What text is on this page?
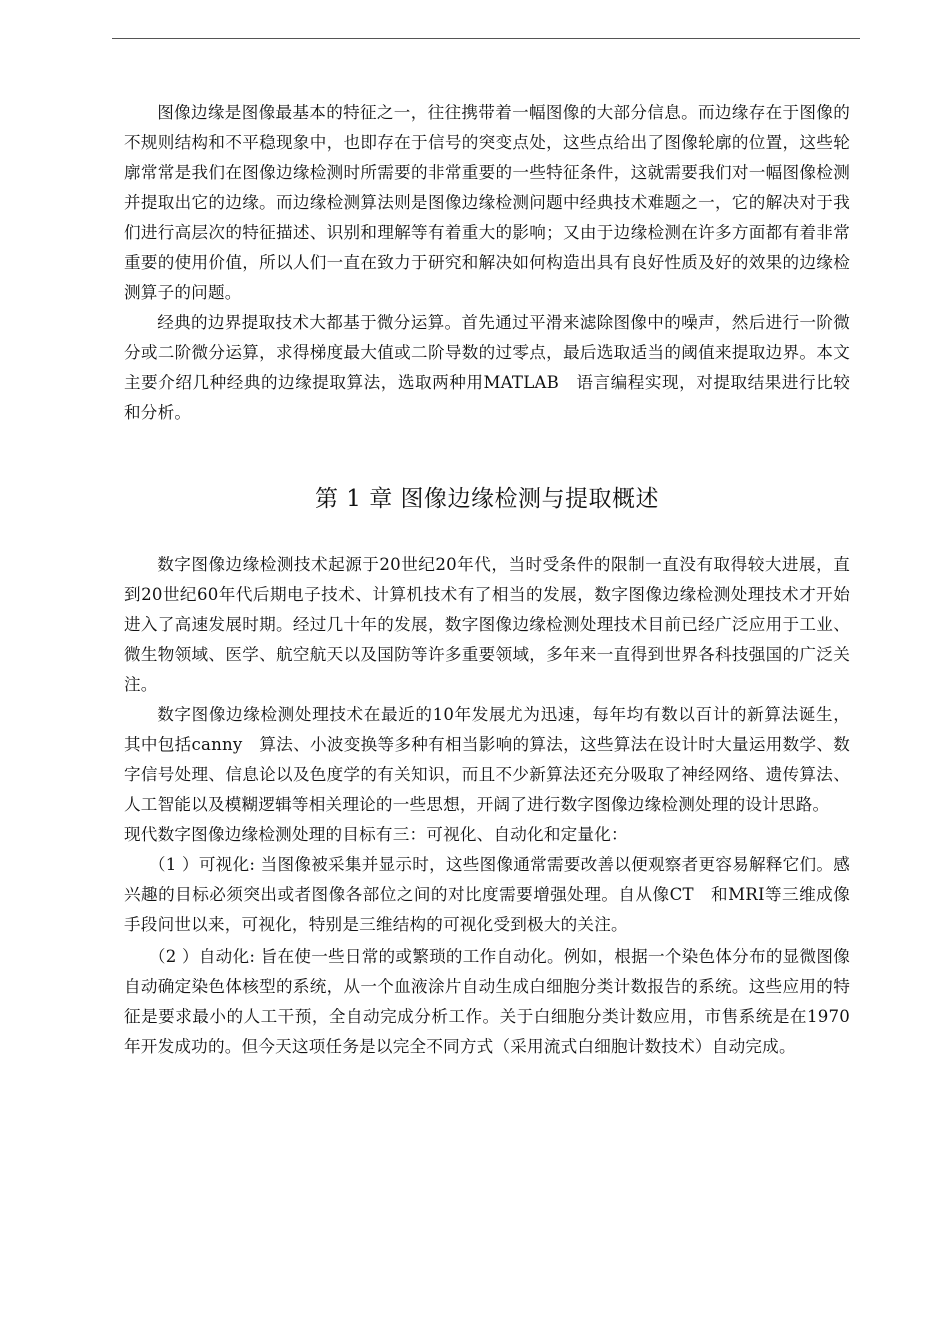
图像边缘是图像最基本的特征之一，往往携带着一幅图像的大部分信息。而边缘存在于图像的不规则结构和不平稳现象中，也即存在于信号的突变点处，这些点给出了图像轮廓的位置，这些轮廓常常是我们在图像边缘检测时所需要的非常重要的一些特征条件，这就需要我们对一幅图像检测并提取出它的边缘。而边缘检测算法则是图像边缘检测问题中经典技术难题之一，它的解决对于我们进行高层次的特征描述、识别和理解等有着重大的影响；又由于边缘检测在许多方面都有着非常重要的使用价值，所以人们一直在致力于研究和解决如何构造出具有良好性质及好的效果的边缘检测算子的问题。

经典的边界提取技术大都基于微分运算。首先通过平滑来滤除图像中的噪声，然后进行一阶微分或二阶微分运算，求得梯度最大值或二阶导数的过零点，最后选取适当的阈值来提取边界。本文主要介绍几种经典的边缘提取算法，选取两种用MATLAB　语言编程实现，对提取结果进行比较和分析。

第 1 章 图像边缘检测与提取概述

数字图像边缘检测技术起源于20世纪20年代，当时受条件的限制一直没有取得较大进展，直到20世纪60年代后期电子技术、计算机技术有了相当的发展，数字图像边缘检测处理技术才开始进入了高速发展时期。经过几十年的发展，数字图像边缘检测处理技术目前已经广泛应用于工业、微生物领域、医学、航空航天以及国防等许多重要领域，多年来一直得到世界各科技强国的广泛关注。

数字图像边缘检测处理技术在最近的10年发展尤为迅速，每年均有数以百计的新算法诞生，其中包括canny　算法、小波变换等多种有相当影响的算法，这些算法在设计时大量运用数学、数字信号处理、信息论以及色度学的有关知识，而且不少新算法还充分吸取了神经网络、遗传算法、人工智能以及模糊逻辑等相关理论的一些思想，开阔了进行数字图像边缘检测处理的设计思路。

现代数字图像边缘检测处理的目标有三：可视化、自动化和定量化：

（1 ）可视化: 当图像被采集并显示时，这些图像通常需要改善以便观察者更容易解释它们。感兴趣的目标必须突出或者图像各部位之间的对比度需要增强处理。自从像CT　和MRI等三维成像手段问世以来，可视化，特别是三维结构的可视化受到极大的关注。

（2 ）自动化: 旨在使一些日常的或繁琐的工作自动化。例如，根据一个染色体分布的显微图像自动确定染色体核型的系统，从一个血液涂片自动生成白细胞分类计数报告的系统。这些应用的特征是要求最小的人工干预，全自动完成分析工作。关于白细胞分类计数应用，市售系统是在1970年开发成功的。但今天这项任务是以完全不同方式（采用流式白细胞计数技术）自动完成。
